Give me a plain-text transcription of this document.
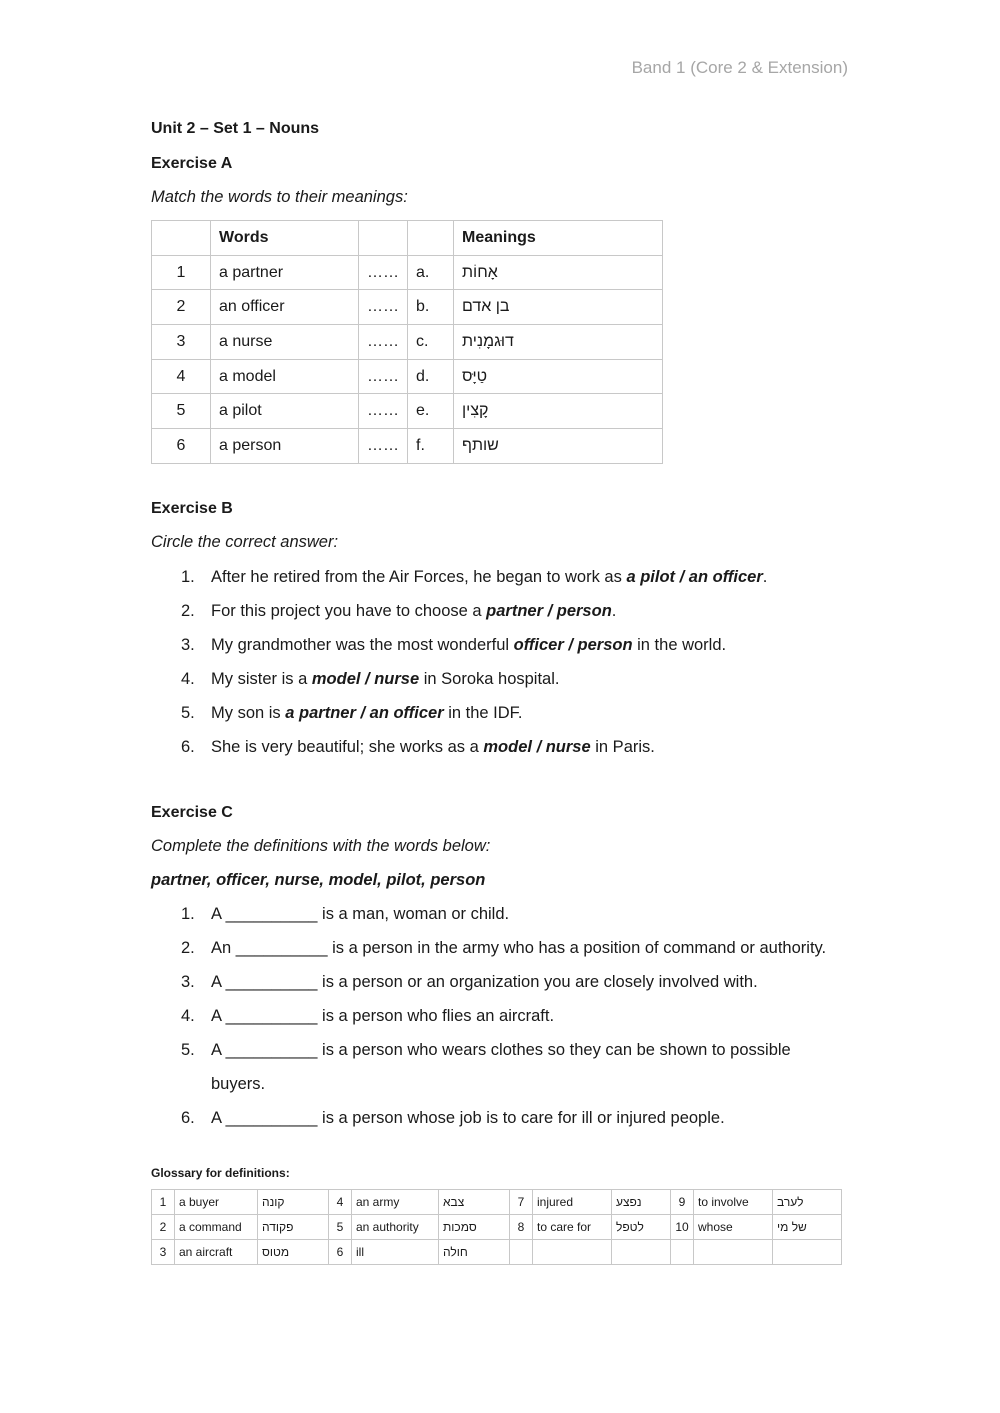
Band 1 (Core 2 & Extension)
Unit 2 – Set 1 – Nouns
Exercise A
Match the words to their meanings:
	Words			Meanings
1	a partner	……	a.	אָחוֹת
2	an officer	……	b.	בן אדם
3	a nurse	……	c.	דוּגמָנִית
4	a model	……	d.	טַיָּס
5	a pilot	……	e.	קָצִין
6	a person	……	f.	שותף
Exercise B
Circle the correct answer:
1. After he retired from the Air Forces, he began to work as a pilot / an officer.
2. For this project you have to choose a partner / person.
3. My grandmother was the most wonderful officer / person in the world.
4. My sister is a model / nurse in Soroka hospital.
5. My son is a partner / an officer in the IDF.
6. She is very beautiful; she works as a model / nurse in Paris.
Exercise C
Complete the definitions with the words below:
partner, officer, nurse, model, pilot, person
1. A __________ is a man, woman or child.
2. An __________ is a person in the army who has a position of command or authority.
3. A __________ is a person or an organization you are closely involved with.
4. A __________ is a person who flies an aircraft.
5. A __________ is a person who wears clothes so they can be shown to possible buyers.
6. A __________ is a person whose job is to care for ill or injured people.
Glossary for definitions:
1	a buyer	קונה	4	an army	צבא	7	injured	נפצע	9	to involve	לערב
2	a command	פקודה	5	an authority	סמכות	8	to care for	לטפל	10	whose	של מי
3	an aircraft	מטוס	6	ill	חולה						
